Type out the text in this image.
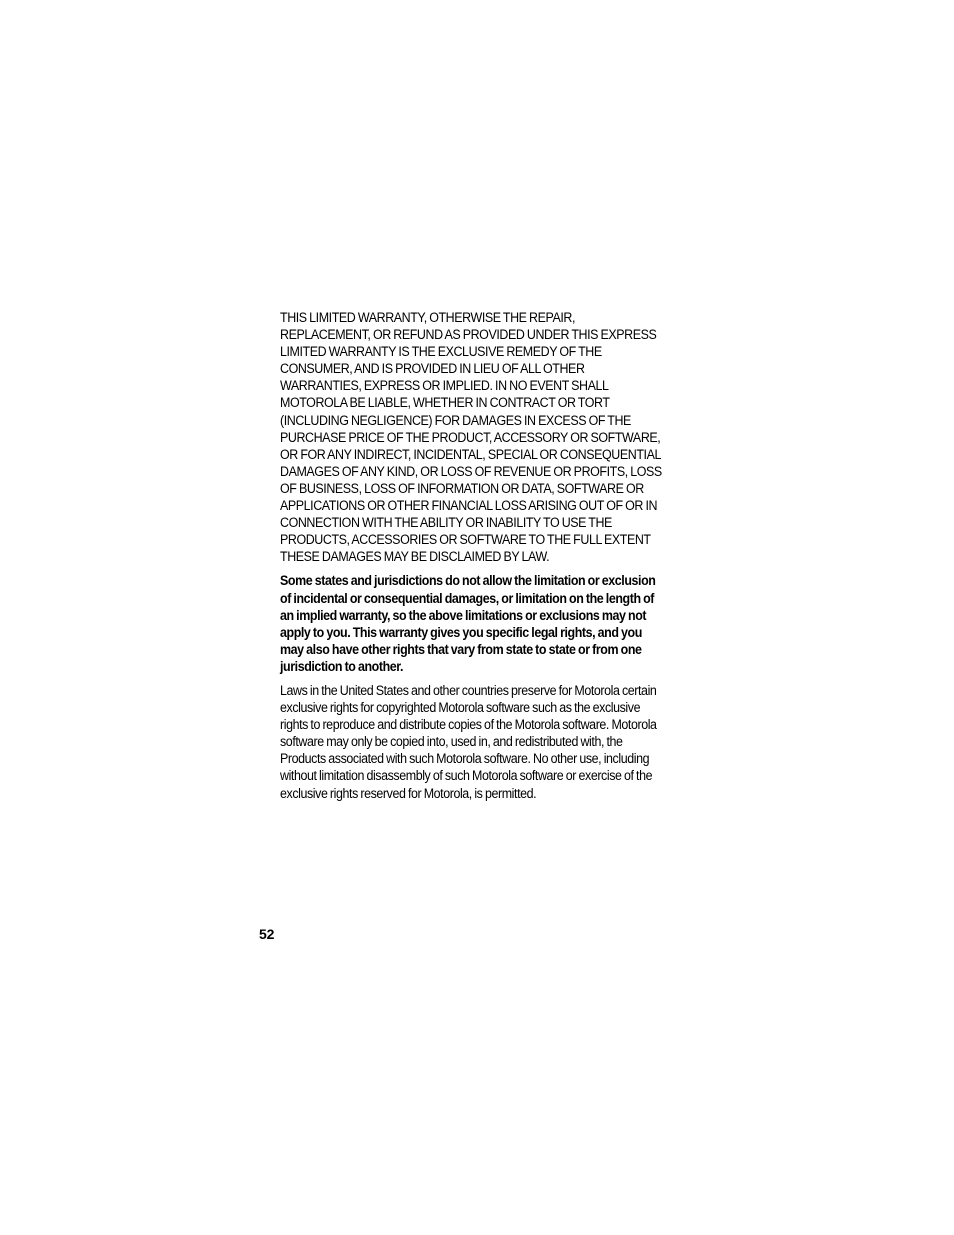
THIS LIMITED WARRANTY, OTHERWISE THE REPAIR, REPLACEMENT, OR REFUND AS PROVIDED UNDER THIS EXPRESS LIMITED WARRANTY IS THE EXCLUSIVE REMEDY OF THE CONSUMER, AND IS PROVIDED IN LIEU OF ALL OTHER WARRANTIES, EXPRESS OR IMPLIED. IN NO EVENT SHALL MOTOROLA BE LIABLE, WHETHER IN CONTRACT OR TORT (INCLUDING NEGLIGENCE) FOR DAMAGES IN EXCESS OF THE PURCHASE PRICE OF THE PRODUCT, ACCESSORY OR SOFTWARE, OR FOR ANY INDIRECT, INCIDENTAL, SPECIAL OR CONSEQUENTIAL DAMAGES OF ANY KIND, OR LOSS OF REVENUE OR PROFITS, LOSS OF BUSINESS, LOSS OF INFORMATION OR DATA, SOFTWARE OR APPLICATIONS OR OTHER FINANCIAL LOSS ARISING OUT OF OR IN CONNECTION WITH THE ABILITY OR INABILITY TO USE THE PRODUCTS, ACCESSORIES OR SOFTWARE TO THE FULL EXTENT THESE DAMAGES MAY BE DISCLAIMED BY LAW.

Some states and jurisdictions do not allow the limitation or exclusion of incidental or consequential damages, or limitation on the length of an implied warranty, so the above limitations or exclusions may not apply to you. This warranty gives you specific legal rights, and you may also have other rights that vary from state to state or from one jurisdiction to another.

Laws in the United States and other countries preserve for Motorola certain exclusive rights for copyrighted Motorola software such as the exclusive rights to reproduce and distribute copies of the Motorola software. Motorola software may only be copied into, used in, and redistributed with, the Products associated with such Motorola software. No other use, including without limitation disassembly of such Motorola software or exercise of the exclusive rights reserved for Motorola, is permitted.

52
